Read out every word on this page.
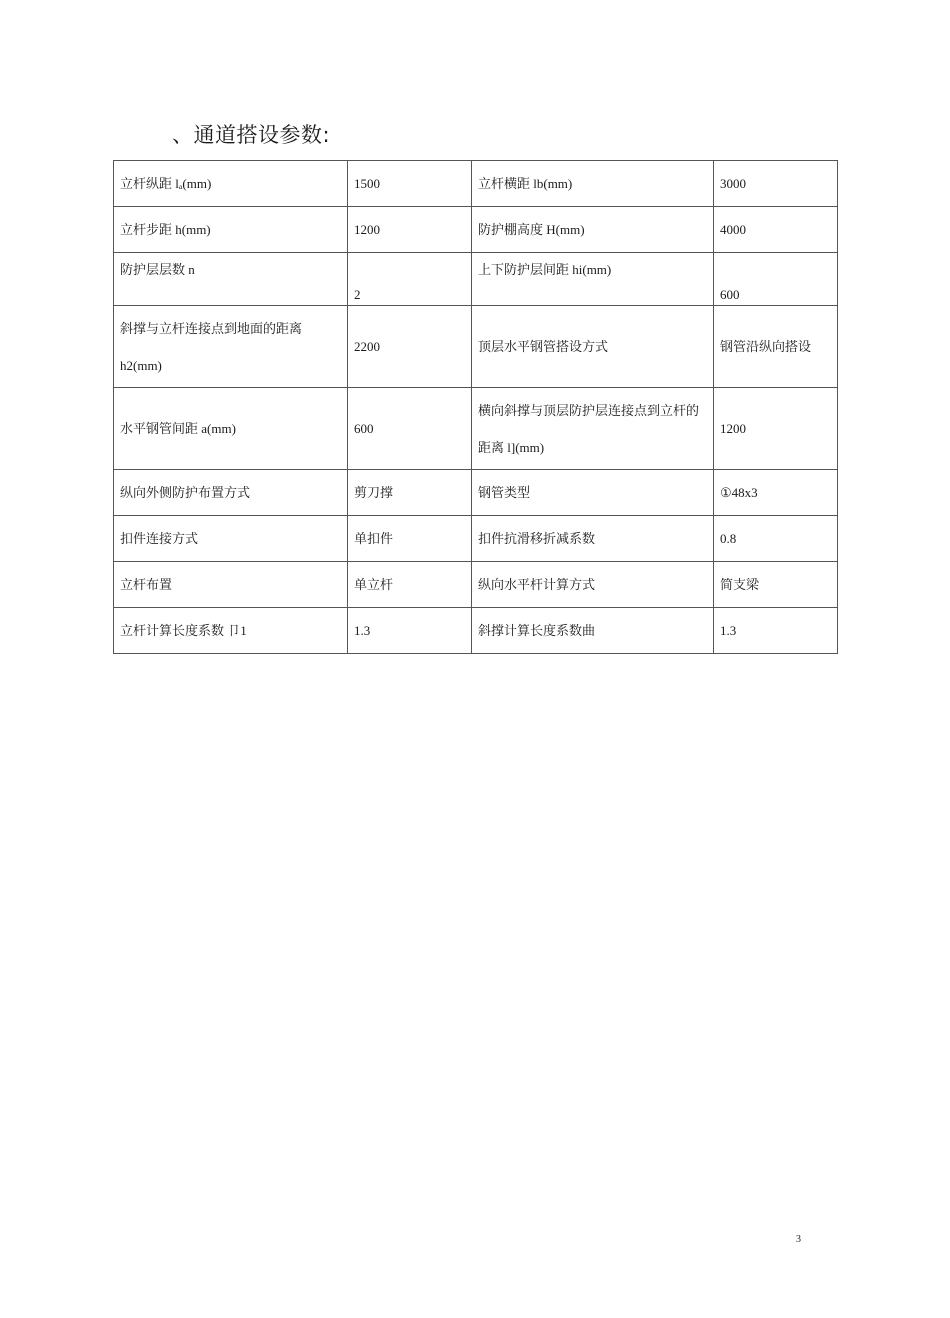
、通道搭设参数:
立杆纵距 lₐ(mm)	1500	立杆横距 lb(mm)	3000
立杆步距 h(mm)	1200	防护棚高度 H(mm)	4000
防护层层数 n	2	上下防护层间距 hi(mm)	600
斜撑与立杆连接点到地面的距离h2(mm)	2200	顶层水平钢管搭设方式	钢管沿纵向搭设
水平钢管间距 a(mm)	600	横向斜撑与顶层防护层连接点到立杆的距离 l](mm)	1200
纵向外侧防护布置方式	剪刀撑	钢管类型	①48x3
扣件连接方式	单扣件	扣件抗滑移折减系数	0.8
立杆布置	单立杆	纵向水平杆计算方式	简支梁
立杆计算长度系数 卩1	1.3	斜撑计算长度系数曲	1.3
3
